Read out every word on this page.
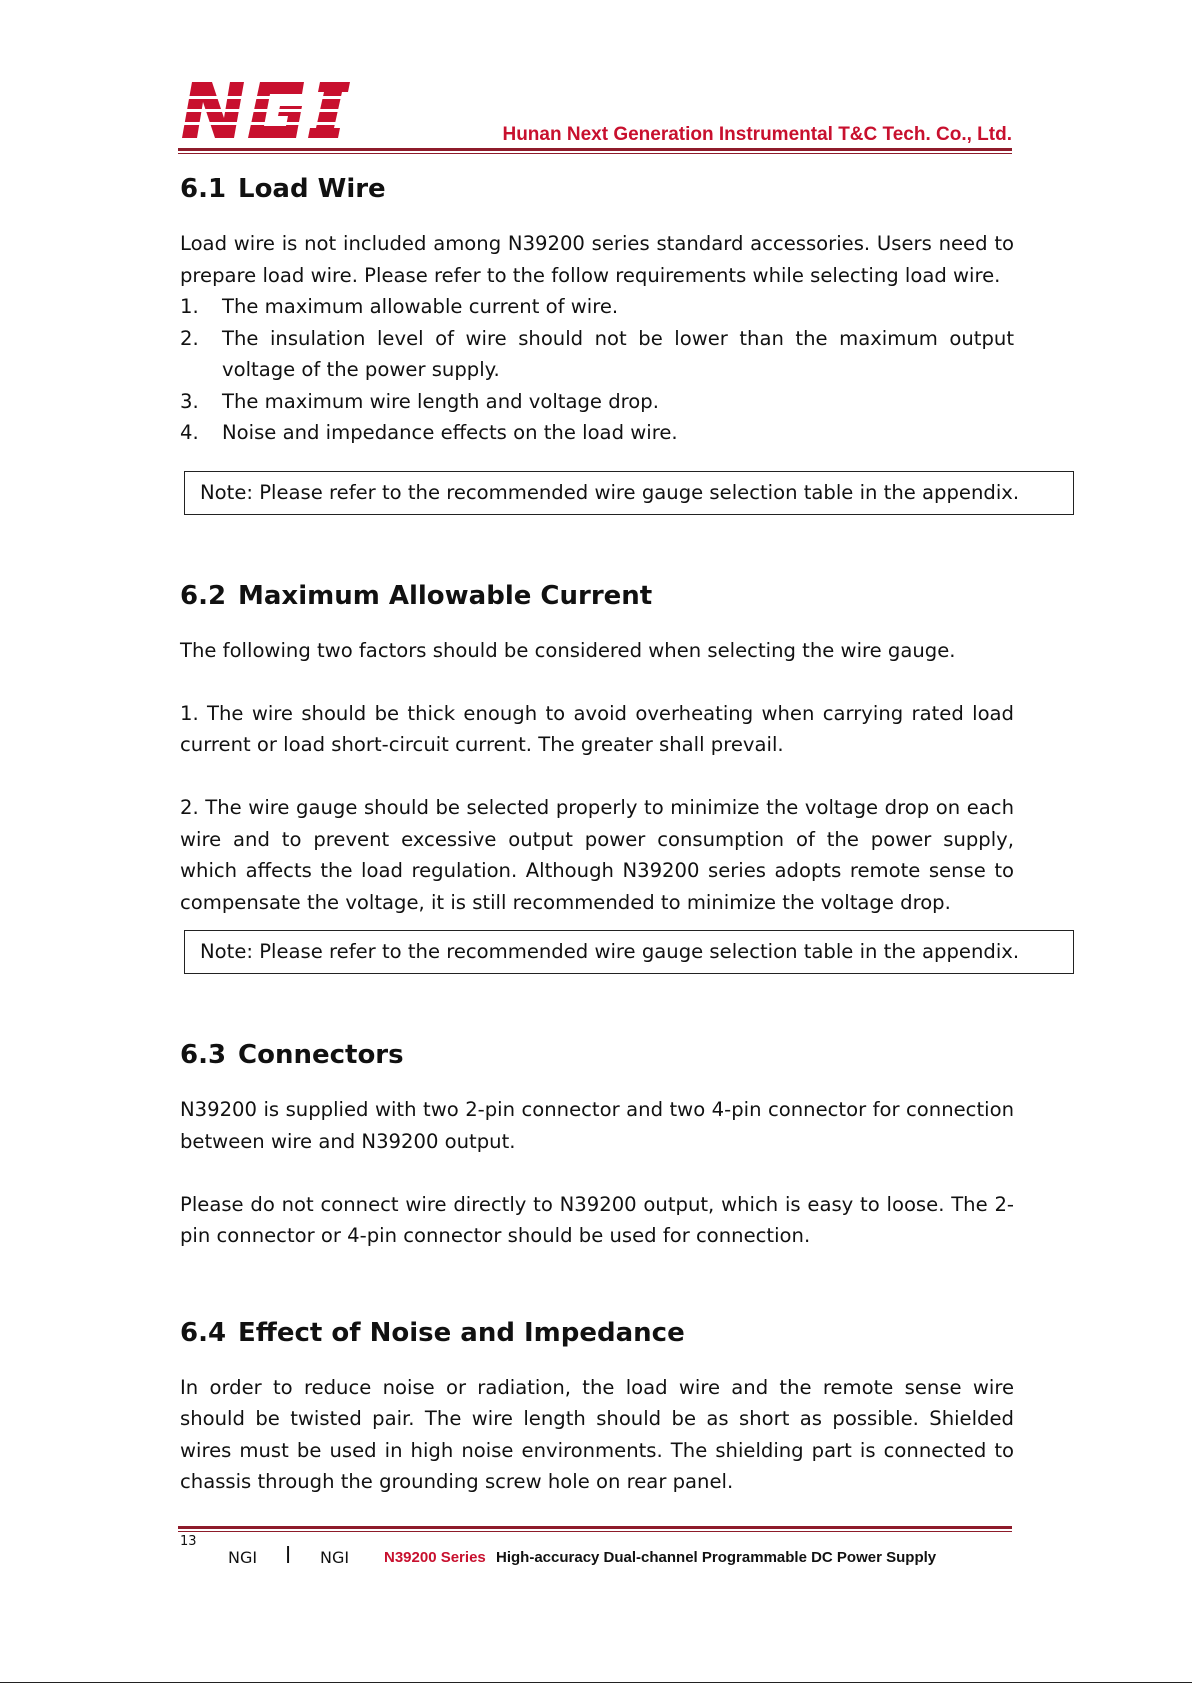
Hunan Next Generation Instrumental T&C Tech. Co., Ltd.
6.1 Load Wire

Load wire is not included among N39200 series standard accessories. Users need to prepare load wire. Please refer to the follow requirements while selecting load wire.

1. The maximum allowable current of wire.
2. The insulation level of wire should not be lower than the maximum output voltage of the power supply.
3. The maximum wire length and voltage drop.
4. Noise and impedance effects on the load wire.
Note: Please refer to the recommended wire gauge selection table in the appendix.
6.2 Maximum Allowable Current

The following two factors should be considered when selecting the wire gauge.

1. The wire should be thick enough to avoid overheating when carrying rated load current or load short-circuit current. The greater shall prevail.

2. The wire gauge should be selected properly to minimize the voltage drop on each wire and to prevent excessive output power consumption of the power supply, which affects the load regulation. Although N39200 series adopts remote sense to compensate the voltage, it is still recommended to minimize the voltage drop.

Note: Please refer to the recommended wire gauge selection table in the appendix.
6.3 Connectors

N39200 is supplied with two 2-pin connector and two 4-pin connector for connection between wire and N39200 output.

Please do not connect wire directly to N39200 output, which is easy to loose. The 2-pin connector or 4-pin connector should be used for connection.

6.4 Effect of Noise and Impedance

In order to reduce noise or radiation, the load wire and the remote sense wire should be twisted pair. The wire length should be as short as possible. Shielded wires must be used in high noise environments. The shielding part is connected to chassis through the grounding screw hole on rear panel.

13
NGI l NGI N39200 Series High-accuracy Dual-channel Programmable DC Power Supply
